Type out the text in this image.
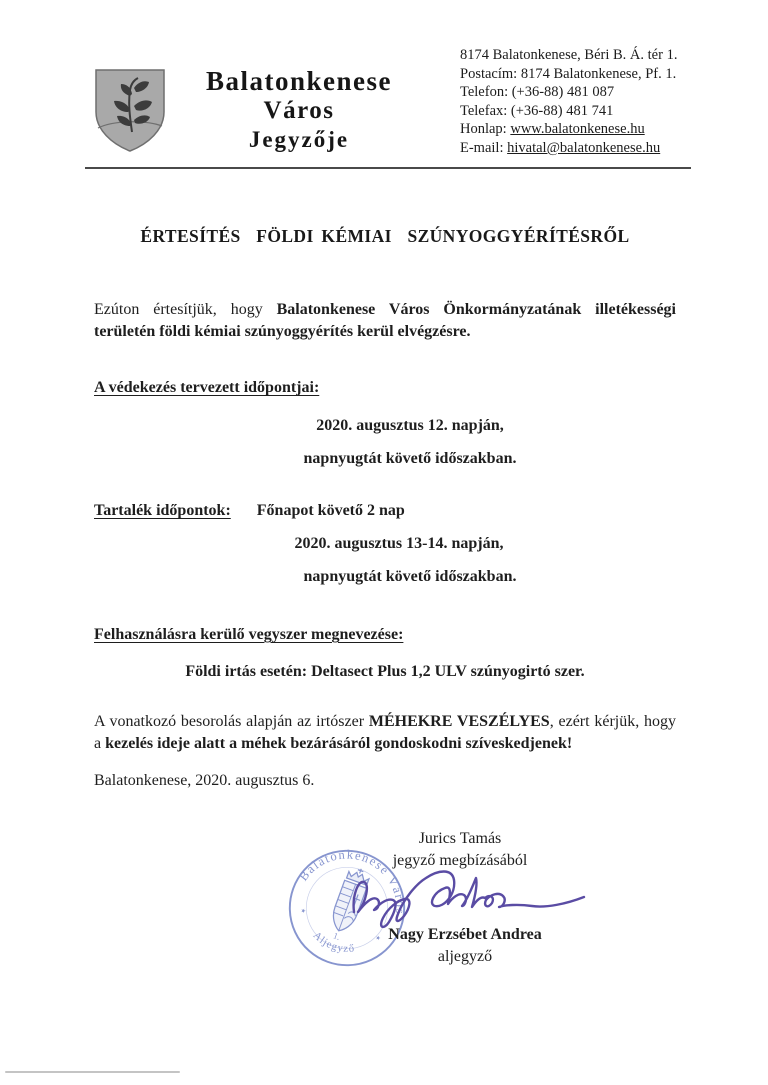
Balatonkenese
Város
Jegyzője
8174 Balatonkenese, Béri B. Á. tér 1.
Postacím: 8174 Balatonkenese, Pf. 1.
Telefon: (+36-88) 481 087
Telefax: (+36-88) 481 741
Honlap: www.balatonkenese.hu
E-mail: hivatal@balatonkenese.hu
ÉRTESÍTÉS  FÖLDI KÉMIAI  SZÚNYOGGYÉRÍTÉSRŐL

Ezúton értesítjük, hogy Balatonkenese Város Önkormányzatának illetékességi területén földi kémiai szúnyoggyérítés kerül elvégzésre.

A védekezés tervezett időpontjai:
2020. augusztus 12. napján,
napnyugtát követő időszakban.
Tartalék időpontok: Főnapot követő 2 nap
2020. augusztus 13-14. napján,
napnyugtát követő időszakban.
Felhasználásra kerülő vegyszer megnevezése:
Földi irtás esetén: Deltasect Plus 1,2 ULV szúnyogirtó szer.

A vonatkozó besorolás alapján az irtószer MÉHEKRE VESZÉLYES, ezért kérjük, hogy a kezelés ideje alatt a méhek bezárásáról gondoskodni szíveskedjenek!

Balatonkenese, 2020. augusztus 6.
Jurics Tamás
jegyző megbízásából
Balatonkenese Város
Aljegyző
1.
★
★ Nagy Erzsébet Andrea
aljegyző
